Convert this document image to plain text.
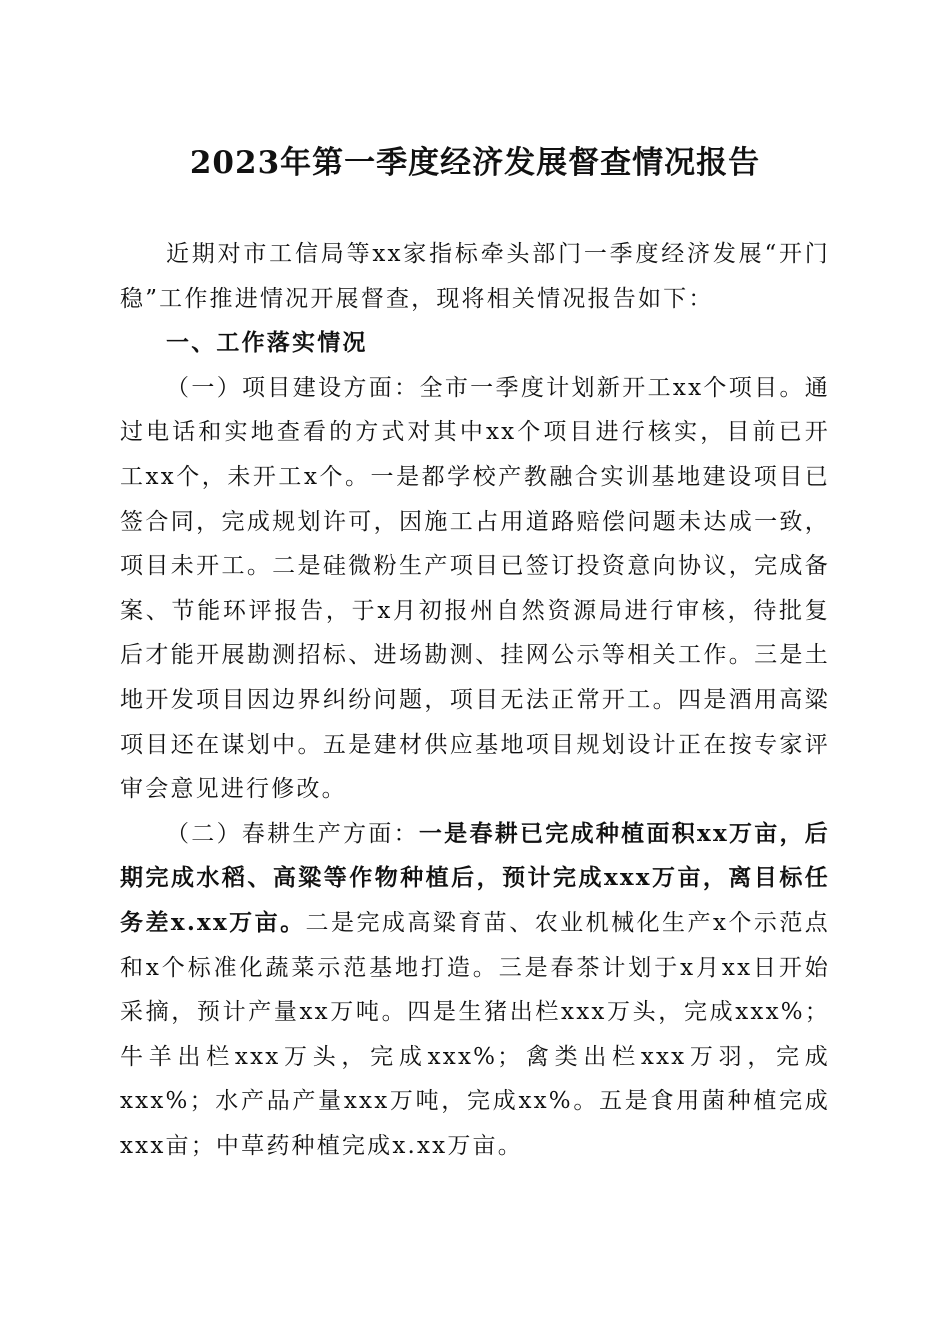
2023年第一季度经济发展督查情况报告

近期对市工信局等xx家指标牵头部门一季度经济发展“开门稳”工作推进情况开展督查，现将相关情况报告如下：

一、工作落实情况

（一）项目建设方面：全市一季度计划新开工xx个项目。通过电话和实地查看的方式对其中xx个项目进行核实，目前已开工xx个，未开工x个。一是都学校产教融合实训基地建设项目已签合同，完成规划许可，因施工占用道路赔偿问题未达成一致，项目未开工。二是硅微粉生产项目已签订投资意向协议，完成备案、节能环评报告，于x月初报州自然资源局进行审核，待批复后才能开展勘测招标、进场勘测、挂网公示等相关工作。三是土地开发项目因边界纠纷问题，项目无法正常开工。四是酒用高粱项目还在谋划中。五是建材供应基地项目规划设计正在按专家评审会意见进行修改。

（二）春耕生产方面：一是春耕已完成种植面积xx万亩，后期完成水稻、高粱等作物种植后，预计完成xxx万亩，离目标任务差x.xx万亩。二是完成高粱育苗、农业机械化生产x个示范点和x个标准化蔬菜示范基地打造。三是春茶计划于x月xx日开始采摘，预计产量xx万吨。四是生猪出栏xxx万头，完成xxx%；牛羊出栏xxx万头，完成xxx%；禽类出栏xxx万羽，完成xxx%；水产品产量xxx万吨，完成xx%。五是食用菌种植完成xxx亩；中草药种植完成x.xx万亩。
